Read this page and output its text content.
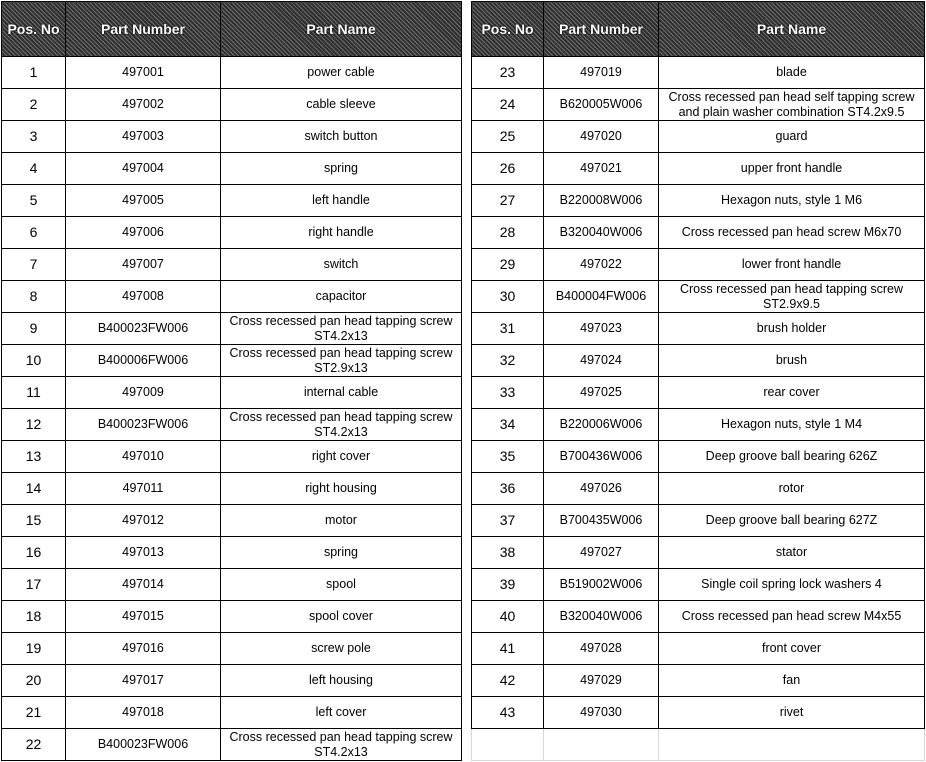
Pos. No	Part Number	Part Name
1	497001	power cable
2	497002	cable sleeve
3	497003	switch button
4	497004	spring
5	497005	left handle
6	497006	right handle
7	497007	switch
8	497008	capacitor
9	B400023FW006	Cross recessed pan head tapping screw ST4.2x13
10	B400006FW006	Cross recessed pan head tapping screw ST2.9x13
11	497009	internal cable
12	B400023FW006	Cross recessed pan head tapping screw ST4.2x13
13	497010	right cover
14	497011	right housing
15	497012	motor
16	497013	spring
17	497014	spool
18	497015	spool cover
19	497016	screw pole
20	497017	left housing
21	497018	left cover
22	B400023FW006	Cross recessed pan head tapping screw ST4.2x13
Pos. No	Part Number	Part Name
23	497019	blade
24	B620005W006	Cross recessed pan head self tapping screw and plain washer combination ST4.2x9.5
25	497020	guard
26	497021	upper front handle
27	B220008W006	Hexagon nuts, style 1 M6
28	B320040W006	Cross recessed pan head screw M6x70
29	497022	lower front handle
30	B400004FW006	Cross recessed pan head tapping screw ST2.9x9.5
31	497023	brush holder
32	497024	brush
33	497025	rear cover
34	B220006W006	Hexagon nuts, style 1 M4
35	B700436W006	Deep groove ball bearing 626Z
36	497026	rotor
37	B700435W006	Deep groove ball bearing 627Z
38	497027	stator
39	B519002W006	Single coil spring lock washers 4
40	B320040W006	Cross recessed pan head screw M4x55
41	497028	front cover
42	497029	fan
43	497030	rivet
